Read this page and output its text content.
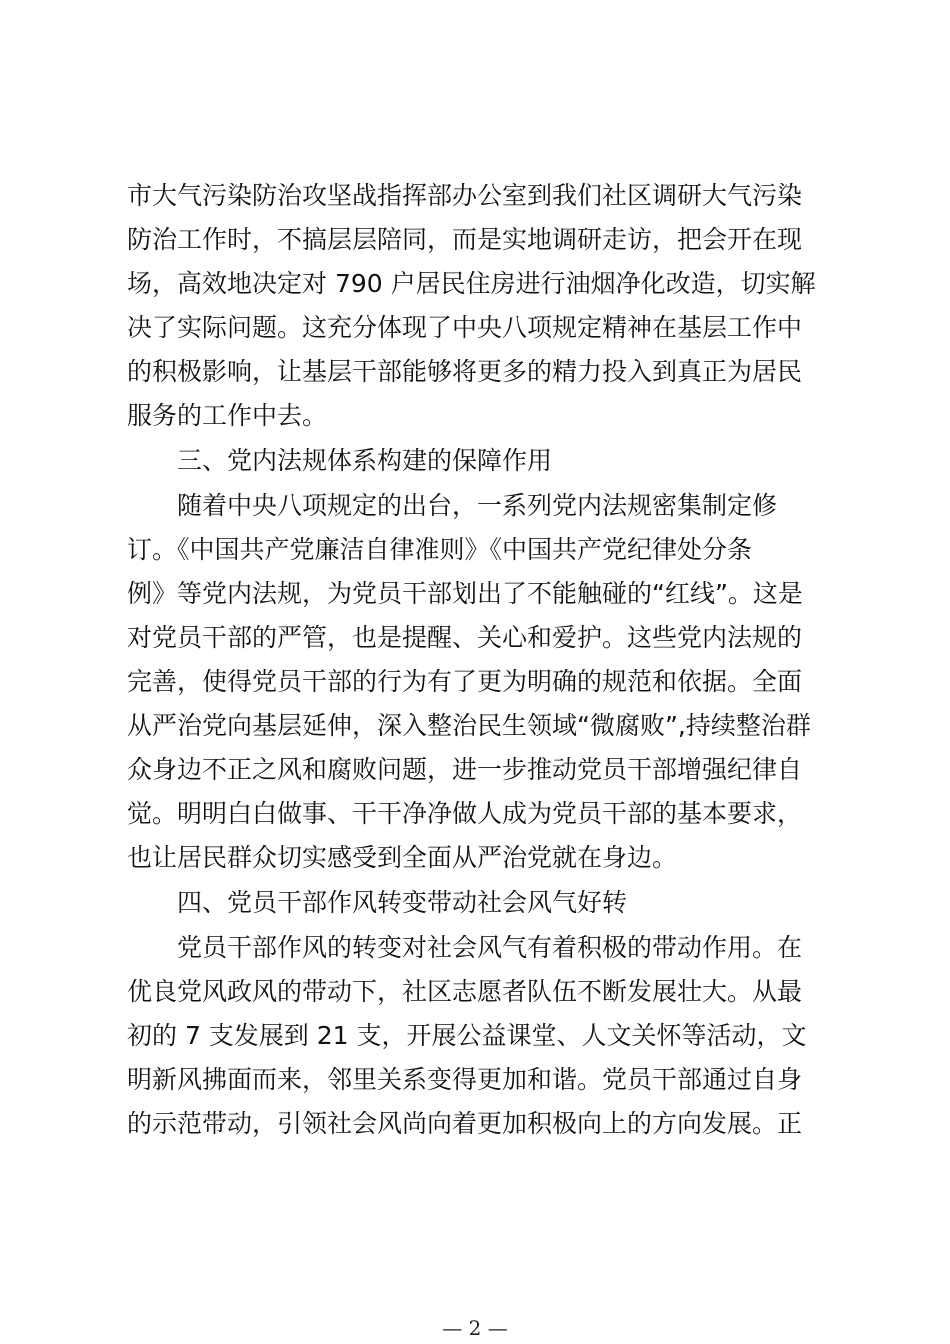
市大气污染防治攻坚战指挥部办公室到我们社区调研大气污染
防治工作时，不搞层层陪同，而是实地调研走访，把会开在现
场，高效地决定对 790 户居民住房进行油烟净化改造，切实解
决了实际问题。这充分体现了中央八项规定精神在基层工作中
的积极影响，让基层干部能够将更多的精力投入到真正为居民
服务的工作中去。
三、党内法规体系构建的保障作用
随着中央八项规定的出台，一系列党内法规密集制定修
订。《中国共产党廉洁自律准则》《中国共产党纪律处分条
例》等党内法规，为党员干部划出了不能触碰的“红线”。这是
对党员干部的严管，也是提醒、关心和爱护。这些党内法规的
完善，使得党员干部的行为有了更为明确的规范和依据。全面
从严治党向基层延伸，深入整治民生领域“微腐败”,持续整治群
众身边不正之风和腐败问题，进一步推动党员干部增强纪律自
觉。明明白白做事、干干净净做人成为党员干部的基本要求，
也让居民群众切实感受到全面从严治党就在身边。
四、党员干部作风转变带动社会风气好转
党员干部作风的转变对社会风气有着积极的带动作用。在
优良党风政风的带动下，社区志愿者队伍不断发展壮大。从最
初的 7 支发展到 21 支，开展公益课堂、人文关怀等活动，文
明新风拂面而来，邻里关系变得更加和谐。党员干部通过自身
的示范带动，引领社会风尚向着更加积极向上的方向发展。正
— 2 —
